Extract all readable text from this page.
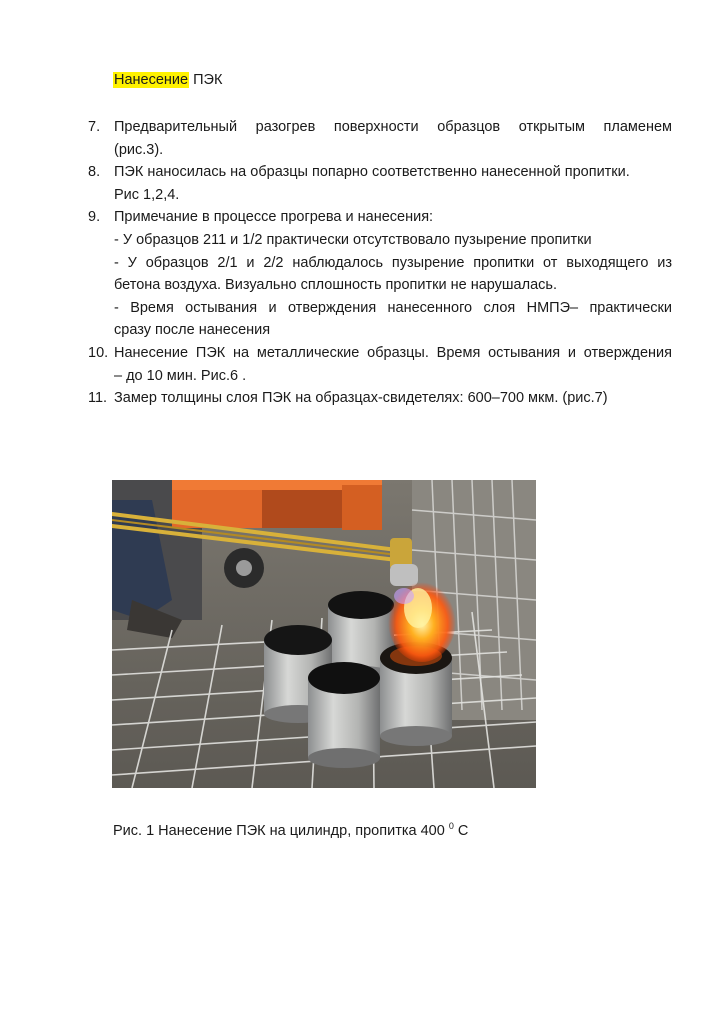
Нанесение ПЭК
7. Предварительный разогрев поверхности образцов открытым пламенем
(рис.3).
8. ПЭК наносилась на образцы попарно соответственно нанесенной пропитки.
Рис 1,2,4.
9. Примечание в процессе прогрева и нанесения:
- У образцов 211 и 1/2 практически отсутствовало пузырение пропитки
- У образцов 2/1 и 2/2 наблюдалось пузырение пропитки от выходящего из
бетона воздуха. Визуально сплошность пропитки не нарушалась.
- Время остывания и отверждения нанесенного слоя НМПЭ– практически
сразу после нанесения
10. Нанесение ПЭК на металлические образцы. Время остывания и отверждения
– до 10 мин. Рис.6 .
11. Замер толщины слоя ПЭК на образцах-свидетелях: 600–700 мкм. (рис.7)
Рис. 1 Нанесение ПЭК на цилиндр, пропитка 400 $^0$ С
